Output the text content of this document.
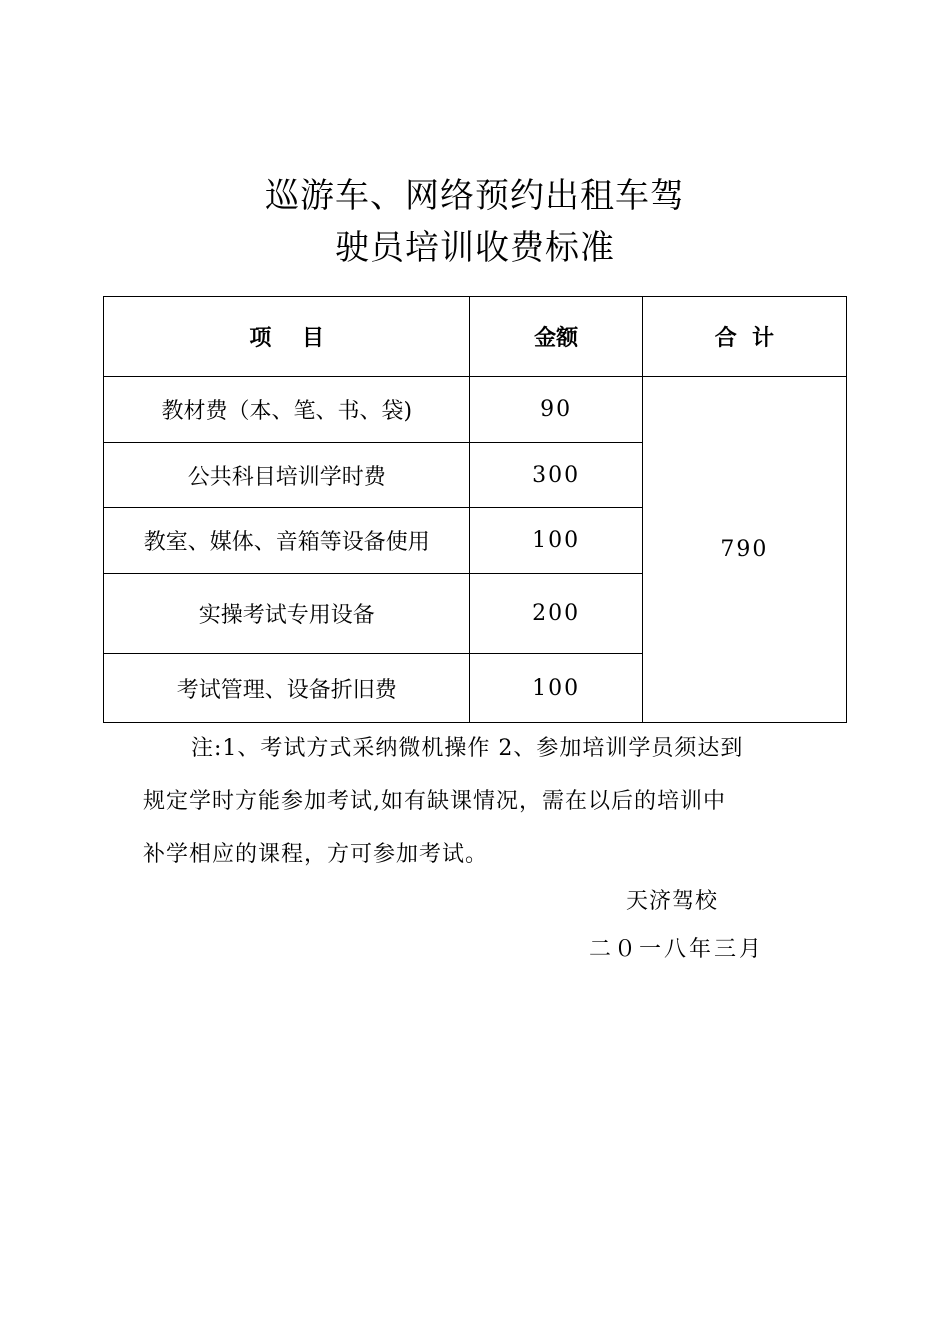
巡游车、网络预约出租车驾
驶员培训收费标准
项    目	金额	合  计
教材费（本、笔、书、袋)	90	790
公共科目培训学时费	300	
教室、媒体、音箱等设备使用	100	
实操考试专用设备	200	
考试管理、设备折旧费	100	
注:1、考试方式采纳微机操作 2、参加培训学员须达到
规定学时方能参加考试,如有缺课情况，需在以后的培训中
补学相应的课程，方可参加考试。
天济驾校
二０一八年三月
